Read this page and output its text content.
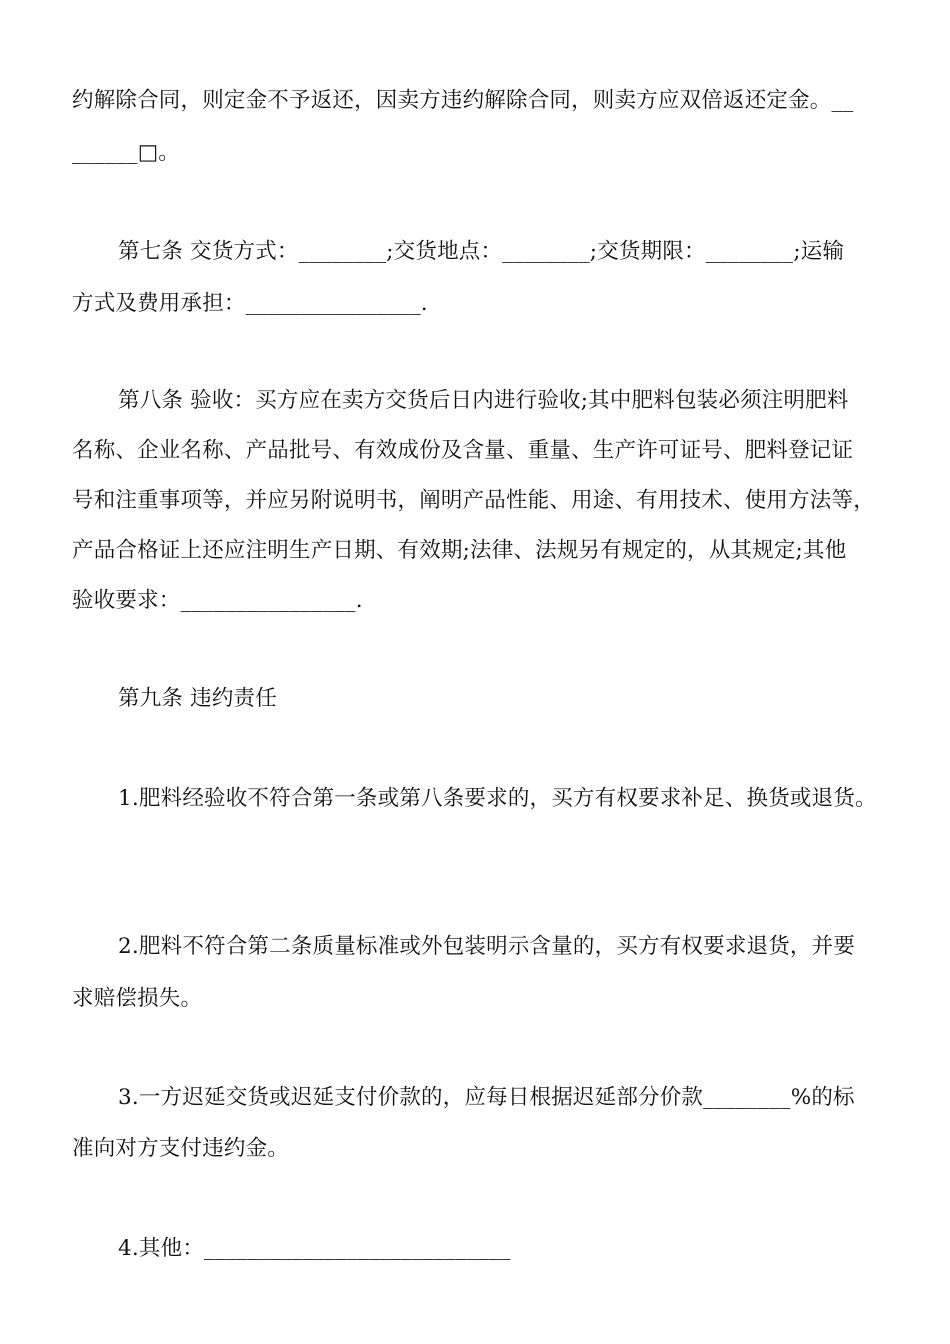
约解除合同，则定金不予返还，因卖方违约解除合同，则卖方应双倍返还定金。__
______□。
第七条 交货方式：________;交货地点：________;交货期限：________;运输
方式及费用承担：________________.
第八条 验收：买方应在卖方交货后日内进行验收;其中肥料包装必须注明肥料
名称、企业名称、产品批号、有效成份及含量、重量、生产许可证号、肥料登记证
号和注重事项等，并应另附说明书，阐明产品性能、用途、有用技术、使用方法等，
产品合格证上还应注明生产日期、有效期;法律、法规另有规定的，从其规定;其他
验收要求：________________.
第九条 违约责任
1.肥料经验收不符合第一条或第八条要求的，买方有权要求补足、换货或退货。
2.肥料不符合第二条质量标准或外包装明示含量的，买方有权要求退货，并要
求赔偿损失。
3.一方迟延交货或迟延支付价款的，应每日根据迟延部分价款________%的标
准向对方支付违约金。
4.其他：____________________________
